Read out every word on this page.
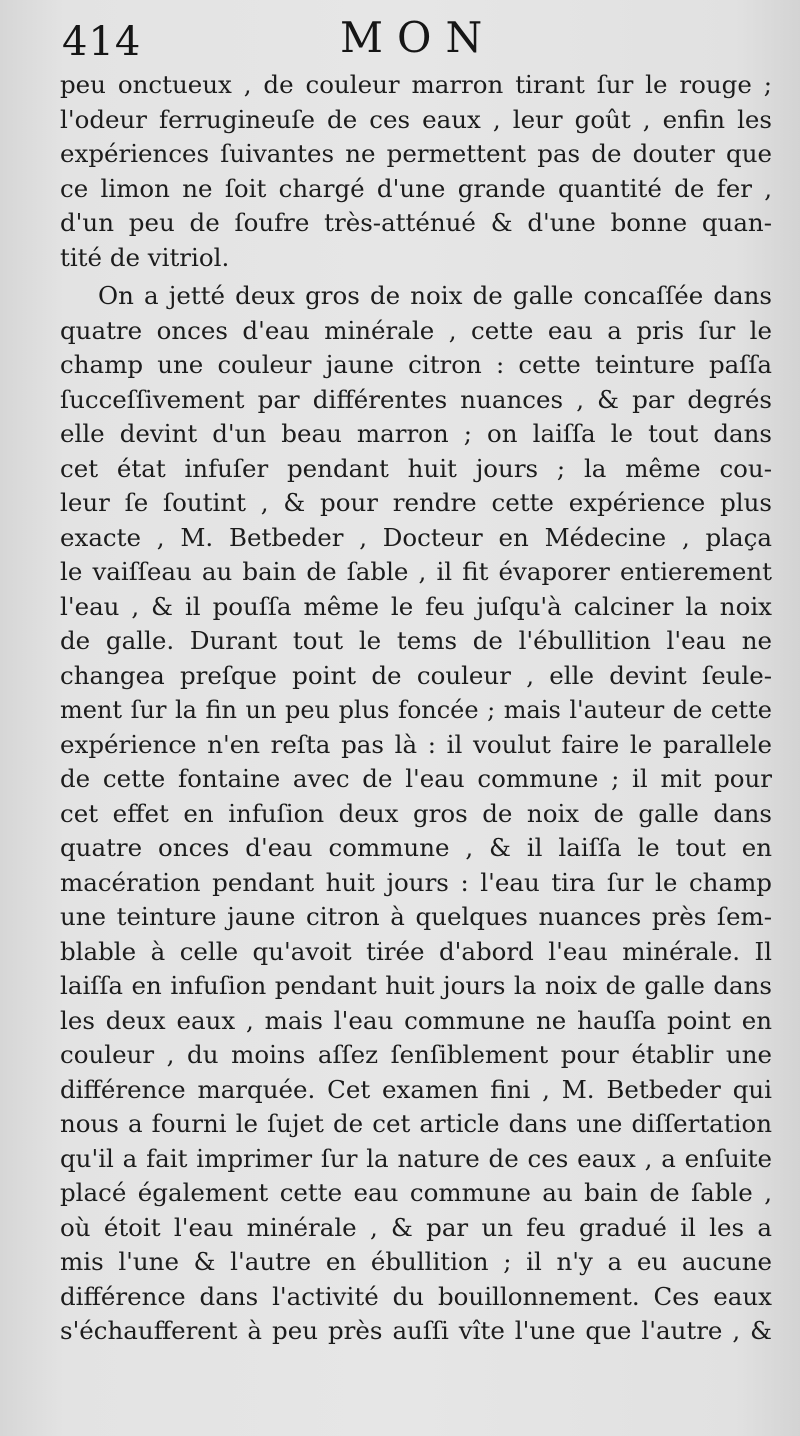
414	MON
peu onctueux , de couleur marron tirant ſur le rouge ;
l'odeur ferrugineuſe de ces eaux , leur goût , enfin les
expériences ſuivantes ne permettent pas de douter que
ce limon ne ſoit chargé d'une grande quantité de fer ,
d'un peu de ſoufre très-atténué & d'une bonne quan-
tité de vitriol.
On a jetté deux gros de noix de galle concaſſée dans
quatre onces d'eau minérale , cette eau a pris ſur le
champ une couleur jaune citron : cette teinture paſſa
ſucceſſivement par différentes nuances , & par degrés
elle devint d'un beau marron ; on laiſſa le tout dans
cet état infuſer pendant huit jours ; la même cou-
leur ſe ſoutint , & pour rendre cette expérience plus
exacte , M. Betbeder , Docteur en Médecine , plaça
le vaiſſeau au bain de ſable , il fit évaporer entierement
l'eau , & il pouſſa même le feu juſqu'à calciner la noix
de galle. Durant tout le tems de l'ébullition l'eau ne
changea preſque point de couleur , elle devint ſeule-
ment ſur la fin un peu plus foncée ; mais l'auteur de cette
expérience n'en reſta pas là : il voulut faire le parallele
de cette fontaine avec de l'eau commune ; il mit pour
cet effet en infuſion deux gros de noix de galle dans
quatre onces d'eau commune , & il laiſſa le tout en
macération pendant huit jours : l'eau tira ſur le champ
une teinture jaune citron à quelques nuances près ſem-
blable à celle qu'avoit tirée d'abord l'eau minérale. Il
laiſſa en infuſion pendant huit jours la noix de galle dans
les deux eaux , mais l'eau commune ne hauſſa point en
couleur , du moins aſſez ſenſiblement pour établir une
différence marquée. Cet examen fini , M. Betbeder qui
nous a fourni le ſujet de cet article dans une diſſertation
qu'il a fait imprimer ſur la nature de ces eaux , a enſuite
placé également cette eau commune au bain de ſable ,
où étoit l'eau minérale , & par un feu gradué il les a
mis l'une & l'autre en ébullition ; il n'y a eu aucune
différence dans l'activité du bouillonnement. Ces eaux
s'échaufferent à peu près auſſi vîte l'une que l'autre , &
